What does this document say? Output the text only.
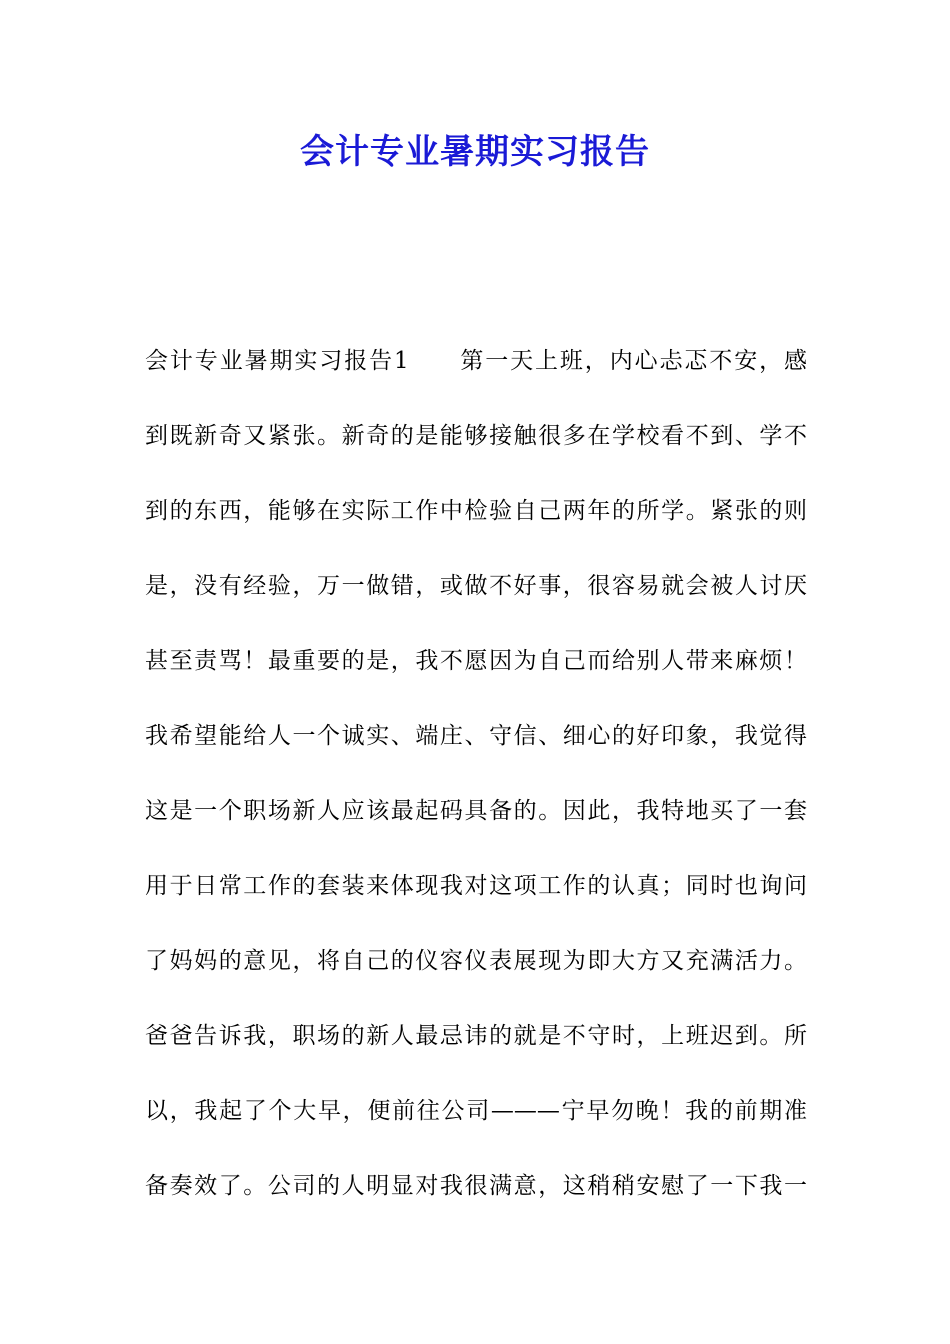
会计专业暑期实习报告
会计专业暑期实习报告1　　第一天上班，内心忐忑不安，感
到既新奇又紧张。新奇的是能够接触很多在学校看不到、学不
到的东西，能够在实际工作中检验自己两年的所学。紧张的则
是，没有经验，万一做错，或做不好事，很容易就会被人讨厌
甚至责骂！最重要的是，我不愿因为自己而给别人带来麻烦！
我希望能给人一个诚实、端庄、守信、细心的好印象，我觉得
这是一个职场新人应该最起码具备的。因此，我特地买了一套
用于日常工作的套装来体现我对这项工作的认真；同时也询问
了妈妈的意见，将自己的仪容仪表展现为即大方又充满活力。
爸爸告诉我，职场的新人最忌讳的就是不守时，上班迟到。所
以，我起了个大早，便前往公司———宁早勿晚！我的前期准
备奏效了。公司的人明显对我很满意，这稍稍安慰了一下我一
